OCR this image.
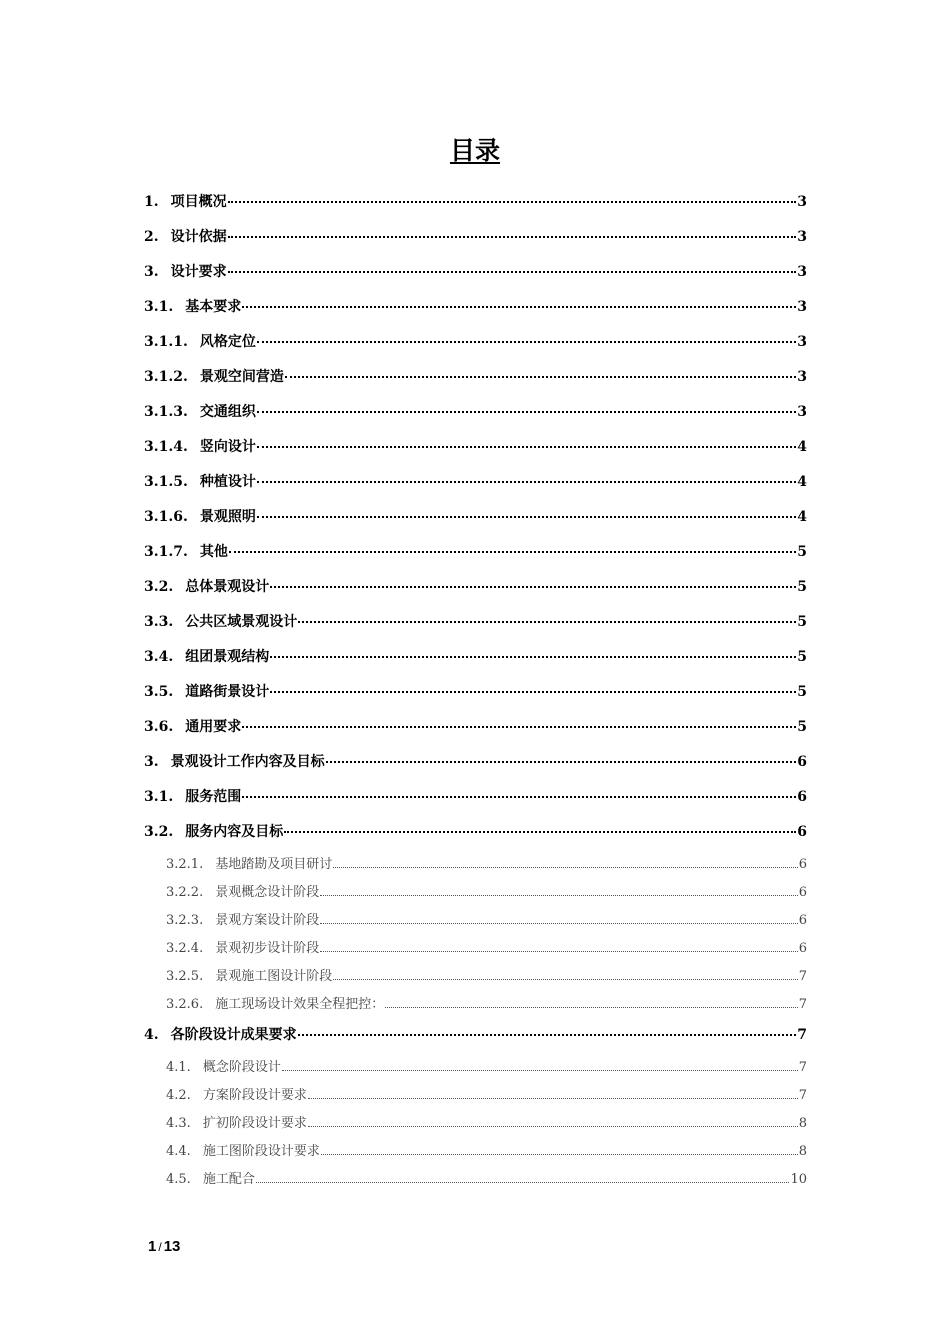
目录
1. 项目概况	3
2. 设计依据	3
3. 设计要求	3
3.1. 基本要求	3
3.1.1. 风格定位	3
3.1.2. 景观空间营造	3
3.1.3. 交通组织	3
3.1.4. 竖向设计	4
3.1.5. 种植设计	4
3.1.6. 景观照明	4
3.1.7. 其他	5
3.2. 总体景观设计	5
3.3. 公共区域景观设计	5
3.4. 组团景观结构	5
3.5. 道路街景设计	5
3.6. 通用要求	5
3. 景观设计工作内容及目标	6
3.1. 服务范围	6
3.2. 服务内容及目标	6
3.2.1. 基地踏勘及项目研讨	6
3.2.2. 景观概念设计阶段	6
3.2.3. 景观方案设计阶段	6
3.2.4. 景观初步设计阶段	6
3.2.5. 景观施工图设计阶段	7
3.2.6. 施工现场设计效果全程把控：	7
4. 各阶段设计成果要求	7
4.1. 概念阶段设计	7
4.2. 方案阶段设计要求	7
4.3. 扩初阶段设计要求	8
4.4. 施工图阶段设计要求	8
4.5. 施工配合	10
1 / 13
